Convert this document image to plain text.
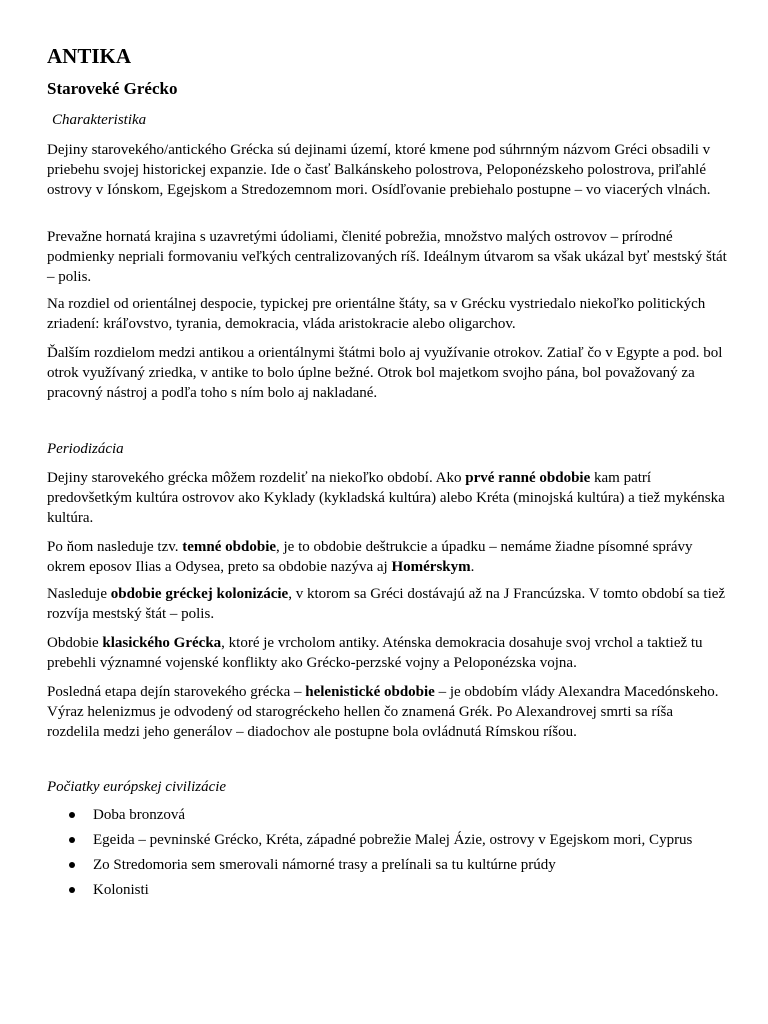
ANTIKA
Staroveké Grécko
Charakteristika

Dejiny starovekého/antického Grécka sú dejinami území, ktoré kmene pod súhrnným názvom Gréci obsadili v priebehu svojej historickej expanzie. Ide o časť Balkánskeho polostrova, Peloponézskeho polostrova, priľahlé ostrovy v Iónskom, Egejskom a Stredozemnom mori. Osídľovanie prebiehalo postupne – vo viacerých vlnách.

Prevažne hornatá krajina s uzavretými údoliami, členité pobrežia, množstvo malých ostrovov – prírodné podmienky nepriali formovaniu veľkých centralizovaných ríš. Ideálnym útvarom sa však ukázal byť mestský štát – polis.

Na rozdiel od orientálnej despocie, typickej pre orientálne štáty, sa v Grécku vystriedalo niekoľko politických zriadení: kráľovstvo, tyrania, demokracia, vláda aristokracie alebo oligarchov.

Ďalším rozdielom medzi antikou a orientálnymi štátmi bolo aj využívanie otrokov. Zatiaľ čo v Egypte a pod. bol otrok využívaný zriedka, v antike to bolo úplne bežné. Otrok bol majetkom svojho pána, bol považovaný za pracovný nástroj a podľa toho s ním bolo aj nakladané.

Periodizácia

Dejiny starovekého grécka môžem rozdeliť na niekoľko období. Ako prvé ranné obdobie kam patrí predovšetkým kultúra ostrovov ako Kyklady (kykladská kultúra) alebo Kréta (minojská kultúra) a tiež mykénska kultúra.

Po ňom nasleduje tzv. temné obdobie, je to obdobie deštrukcie a úpadku – nemáme žiadne písomné správy okrem eposov Ilias a Odysea, preto sa obdobie nazýva aj Homérskym.

Nasleduje obdobie gréckej kolonizácie, v ktorom sa Gréci dostávajú až na J Francúzska. V tomto období sa tiež rozvíja mestský štát – polis.

Obdobie klasického Grécka, ktoré je vrcholom antiky. Aténska demokracia dosahuje svoj vrchol a taktiež tu prebehli významné vojenské konflikty ako Grécko-perzské vojny a Peloponézska vojna.

Posledná etapa dejín starovekého grécka – helenistické obdobie – je obdobím vlády Alexandra Macedónskeho. Výraz helenizmus je odvodený od starogréckeho hellen čo znamená Grék. Po Alexandrovej smrti sa ríša rozdelila medzi jeho generálov – diadochov ale postupne bola ovládnutá Rímskou ríšou.

Počiatky európskej civilizácie
Doba bronzová
Egeida – pevninské Grécko, Kréta, západné pobrežie Malej Ázie, ostrovy v Egejskom mori, Cyprus
Zo Stredomoria sem smerovali námorné trasy a prelínali sa tu kultúrne prúdy
Kolonisti
